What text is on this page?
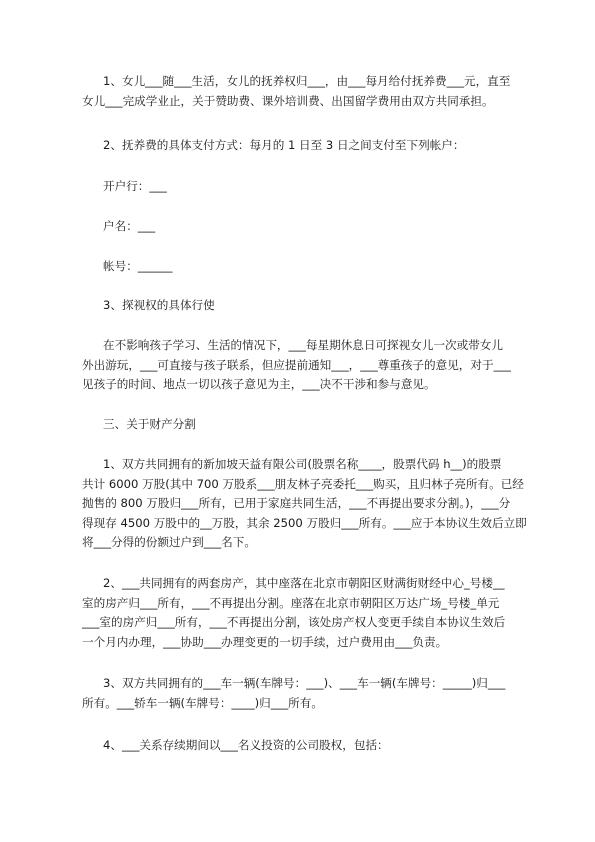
1、女儿___随___生活，女儿的抚养权归___，由___每月给付抚养费___元，直至
女儿___完成学业止，关于赞助费、课外培训费、出国留学费用由双方共同承担。
2、抚养费的具体支付方式：每月的 1 日至 3 日之间支付至下列帐户：
开户行：___
户名：___
帐号：______
3、探视权的具体行使
在不影响孩子学习、生活的情况下，___每星期休息日可探视女儿一次或带女儿
外出游玩，___可直接与孩子联系，但应提前通知___，___尊重孩子的意见，对于___
见孩子的时间、地点一切以孩子意见为主，___决不干涉和参与意见。
三、关于财产分割
1、双方共同拥有的新加坡天益有限公司(股票名称____，股票代码 h__)的股票
共计 6000 万股(其中 700 万股系___朋友林子亮委托___购买，且归林子亮所有。已经
抛售的 800 万股归___所有，已用于家庭共同生活，___不再提出要求分割。)，___分
得现存 4500 万股中的__万股，其余 2500 万股归___所有。___应于本协议生效后立即
将___分得的份额过户到___名下。
2、___共同拥有的两套房产，其中座落在北京市朝阳区财满街财经中心_号楼__
室的房产归___所有，___不再提出分割。座落在北京市朝阳区万达广场_号楼_单元
___室的房产归___所有，___不再提出分割，该处房产权人变更手续自本协议生效后
一个月内办理，___协助___办理变更的一切手续，过户费用由___负责。
3、双方共同拥有的___车一辆(车牌号：___)、___车一辆(车牌号：_____)归___
所有。___轿车一辆(车牌号：____)归___所有。
4、___关系存续期间以___名义投资的公司股权，包括：
